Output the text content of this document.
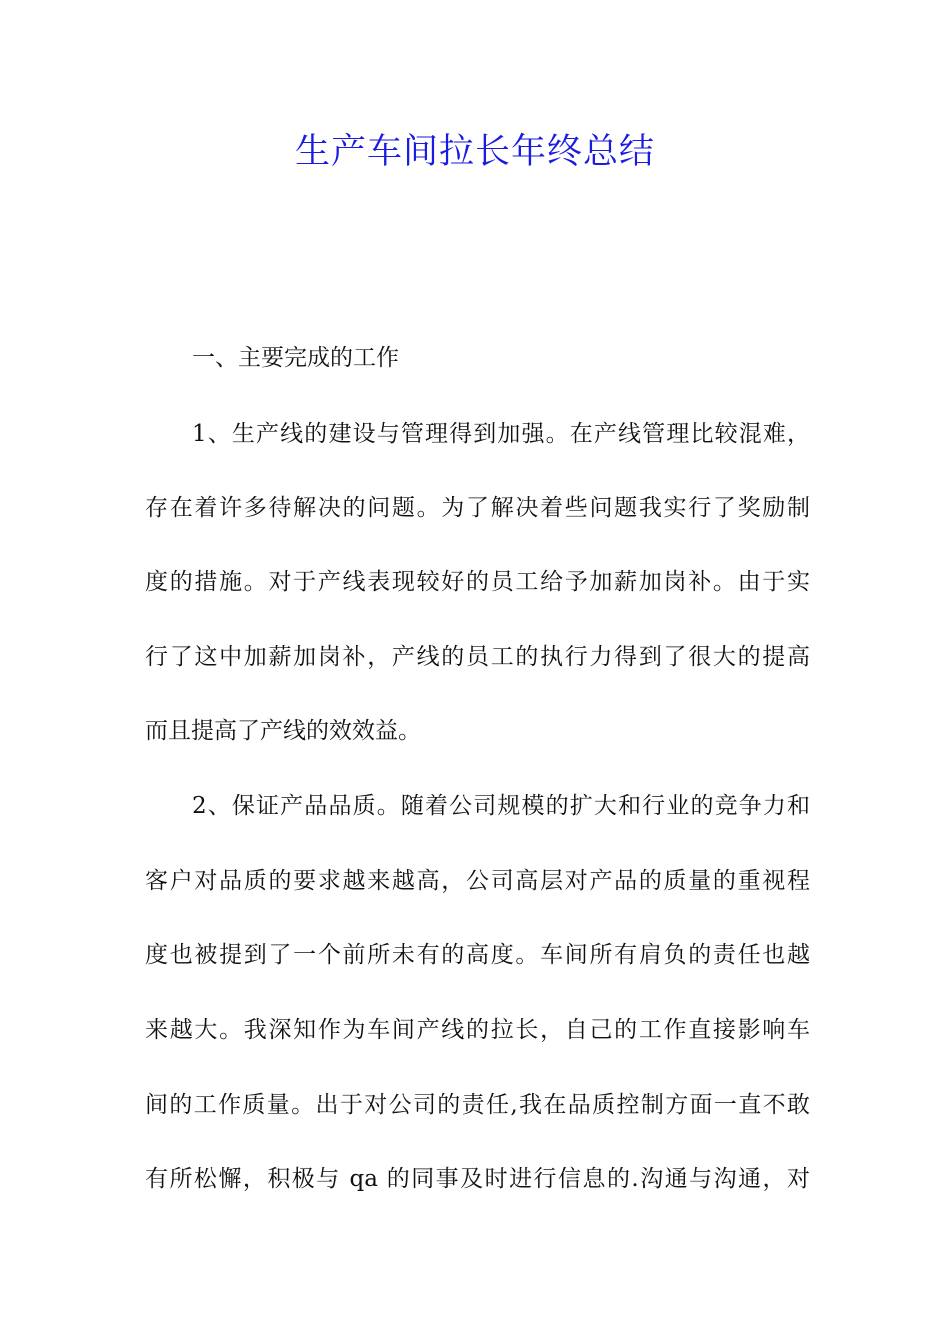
生产车间拉长年终总结
一、主要完成的工作
1、生产线的建设与管理得到加强。在产线管理比较混难，
存在着许多待解决的问题。为了解决着些问题我实行了奖励制
度的措施。对于产线表现较好的员工给予加薪加岗补。由于实
行了这中加薪加岗补，产线的员工的执行力得到了很大的提高
而且提高了产线的效效益。
2、保证产品品质。随着公司规模的扩大和行业的竞争力和
客户对品质的要求越来越高，公司高层对产品的质量的重视程
度也被提到了一个前所未有的高度。车间所有肩负的责任也越
来越大。我深知作为车间产线的拉长，自己的工作直接影响车
间的工作质量。出于对公司的责任,我在品质控制方面一直不敢
有所松懈，积极与 qa 的同事及时进行信息的.沟通与沟通，对
